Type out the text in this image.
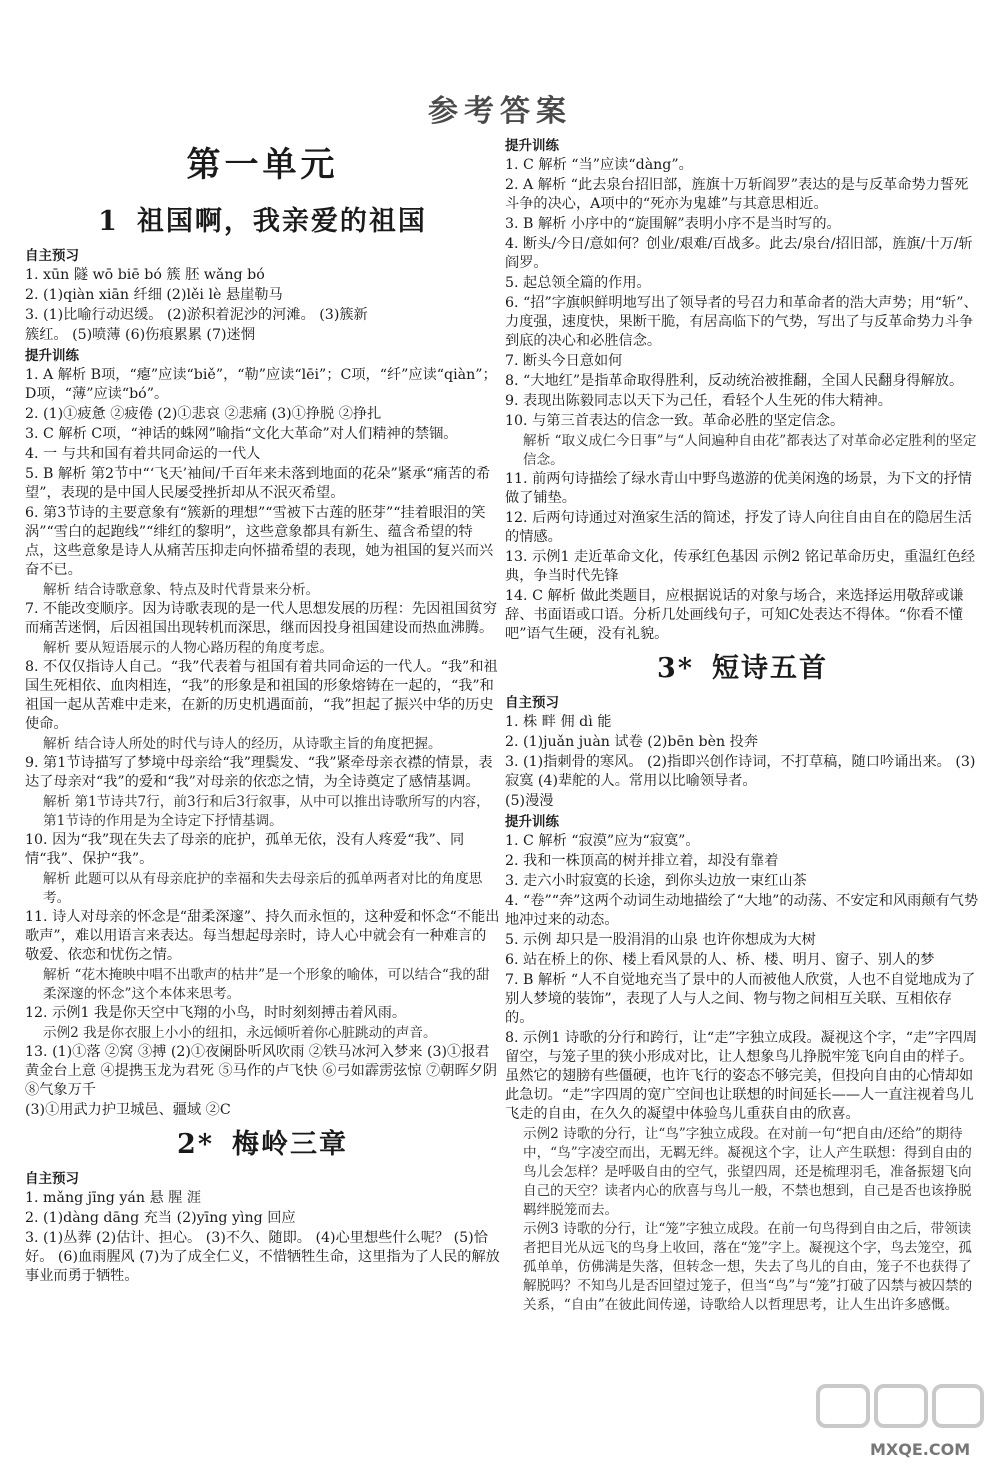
参考答案
第一单元
1 祖国啊，我亲爱的祖国
自主预习
1. xūn 隧 wō biē bó 簇 胚 wǎng bó
2. (1)qiàn xiān 纤细 (2)lěi lè 悬崖勒马
3. (1)比喻行动迟缓。 (2)淤积着泥沙的河滩。 (3)簇新
簇红。 (5)喷薄 (6)伤痕累累 (7)迷惘
提升训练
1. A 解析 B项，“瘪”应读“biě”，“勒”应读“lēi”；C项，“纤”应读“qiàn”；D项，“薄”应读“bó”。
2. (1)①疲惫 ②疲倦 (2)①悲哀 ②悲痛 (3)①挣脱 ②挣扎
3. C 解析 C项，“神话的蛛网”喻指“文化大革命”对人们精神的禁锢。
4. 一 与共和国有着共同命运的一代人
5. B 解析 第2节中“‘飞天’袖间/千百年来未落到地面的花朵”紧承“痛苦的希望”，表现的是中国人民屡受挫折却从不泯灭希望。
6. 第3节诗的主要意象有“簇新的理想”“雪被下古莲的胚芽”“挂着眼泪的笑涡”“雪白的起跑线”“绯红的黎明”，这些意象都具有新生、蕴含希望的特点，这些意象是诗人从痛苦压抑走向怀描希望的表现，她为祖国的复兴而兴奋不已。
解析 结合诗歌意象、特点及时代背景来分析。
7. 不能改变顺序。因为诗歌表现的是一代人思想发展的历程：先因祖国贫穷而痛苦迷惘，后因祖国出现转机而深思，继而因投身祖国建设而热血沸腾。
解析 要从短语展示的人物心路历程的角度考虑。
8. 不仅仅指诗人自己。“我”代表着与祖国有着共同命运的一代人。“我”和祖国生死相依、血肉相连，“我”的形象是和祖国的形象熔铸在一起的，“我”和祖国一起从苦难中走来，在新的历史机遇面前，“我”担起了振兴中华的历史使命。
解析 结合诗人所处的时代与诗人的经历，从诗歌主旨的角度把握。
9. 第1节诗描写了梦境中母亲给“我”理鬓发、“我”紧牵母亲衣襟的情景，表达了母亲对“我”的爱和“我”对母亲的依恋之情，为全诗奠定了感情基调。
解析 第1节诗共7行，前3行和后3行叙事，从中可以推出诗歌所写的内容，第1节诗的作用是为全诗定下抒情基调。
10. 因为“我”现在失去了母亲的庇护，孤单无依，没有人疼爱“我”、同情“我”、保护“我”。
解析 此题可以从有母亲庇护的幸福和失去母亲后的孤单两者对比的角度思考。
11. 诗人对母亲的怀念是“甜柔深邃”、持久而永恒的，这种爱和怀念“不能出歌声”，难以用语言来表达。每当想起母亲时，诗人心中就会有一种难言的敬爱、依恋和忧伤之情。
解析 “花木掩映中唱不出歌声的枯井”是一个形象的喻体，可以结合“我的甜柔深邃的怀念”这个本体来思考。
12. 示例1 我是你天空中飞翔的小鸟，时时刻刻搏击着风雨。
示例2 我是你衣服上小小的纽扣，永远倾听着你心脏跳动的声音。
13. (1)①落 ②窝 ③搏 (2)①夜阑卧听风吹雨 ②铁马冰河入梦来 (3)①报君黄金台上意 ④提携玉龙为君死 ⑤马作的卢飞快 ⑥弓如霹雳弦惊 ⑦朝晖夕阴 ⑧气象万千
(3)①用武力护卫城邑、疆域 ②C
2* 梅岭三章
自主预习
1. mǎng jīng yán 悬 腥 涯
2. (1)dàng dāng 充当 (2)yīng yìng 回应
3. (1)丛葬 (2)估计、担心。 (3)不久、随即。 (4)心里想些什么呢？ (5)恰好。 (6)血雨腥风 (7)为了成全仁义，不惜牺牲生命，这里指为了人民的解放事业而勇于牺牲。
提升训练
1. C 解析 “当”应读“dàng”。
2. A 解析 “此去泉台招旧部，旌旗十万斩阎罗”表达的是与反革命势力誓死斗争的决心，A项中的“死亦为鬼雄”与其意思相近。
3. B 解析 小序中的“旋围解”表明小序不是当时写的。
4. 断头/今日/意如何？创业/艰难/百战多。此去/泉台/招旧部，旌旗/十万/斩阎罗。
5. 起总领全篇的作用。
6. “招”字旗帜鲜明地写出了领导者的号召力和革命者的浩大声势；用“斩”、力度强，速度快，果断干脆，有居高临下的气势，写出了与反革命势力斗争到底的决心和必胜信念。
7. 断头今日意如何
8. “大地红”是指革命取得胜利，反动统治被推翻，全国人民翻身得解放。
9. 表现出陈毅同志以天下为己任，看轻个人生死的伟大精神。
10. 与第三首表达的信念一致。革命必胜的坚定信念。
解析 “取义成仁今日事”与“人间遍种自由花”都表达了对革命必定胜利的坚定信念。
11. 前两句诗描绘了绿水青山中野鸟遨游的优美闲逸的场景，为下文的抒情做了铺垫。
12. 后两句诗通过对渔家生活的简述，抒发了诗人向往自由自在的隐居生活的情感。
13. 示例1 走近革命文化，传承红色基因 示例2 铭记革命历史，重温红色经典，争当时代先锋
14. C 解析 做此类题目，应根据说话的对象与场合，来选择运用敬辞或谦辞、书面语或口语。分析几处画线句子，可知C处表达不得体。“你看不懂吧”语气生硬，没有礼貌。
3* 短诗五首
自主预习
1. 株 畔 佣 dì 能
2. (1)juǎn juàn 试卷 (2)bēn bèn 投奔
3. (1)指刺骨的寒风。 (2)指即兴创作诗词，不打草稿，随口吟诵出来。 (3)寂寞 (4)辈舵的人。常用以比喻领导者。
(5)漫漫
提升训练
1. C 解析 “寂漠”应为“寂寞”。
2. 我和一株顶高的树并排立着，却没有靠着
3. 走六小时寂寞的长途，到你头边放一束红山茶
4. “卷”“奔”这两个动词生动地描绘了“大地”的动荡、不安定和风雨颠有气势地冲过来的动态。
5. 示例 却只是一股涓涓的山泉 也许你想成为大树
6. 站在桥上的你、楼上看风景的人、桥、楼、明月、窗子、别人的梦
7. B 解析 “人不自觉地充当了景中的人而被他人欣赏，人也不自觉地成为了别人梦境的装饰”，表现了人与人之间、物与物之间相互关联、互相依存的。
8. 示例1 诗歌的分行和跨行，让“走”字独立成段。凝视这个字，“走”字四周留空，与笼子里的狭小形成对比，让人想象鸟儿挣脱牢笼飞向自由的样子。虽然它的翅膀有些僵硬，也许飞行的姿态不够完美，但投向自由的心情却如此急切。“走”字四周的宽广空间也让联想的时间延长——人一直注视着鸟儿飞走的自由，在久久的凝望中体验鸟儿重获自由的欣喜。
示例2 诗歌的分行，让“鸟”字独立成段。在对前一句“把自由/还给”的期待中，“鸟”字凌空而出，无羁无绊。凝视这个字，让人产生联想：得到自由的鸟儿会怎样？是呼吸自由的空气，张望四周，还是梳理羽毛，准备振翅飞向自己的天空？读者内心的欣喜与鸟儿一般，不禁也想到，自己是否也该挣脱羁绊脱笼而去。
示例3 诗歌的分行，让“笼”字独立成段。在前一句鸟得到自由之后，带领读者把目光从远飞的鸟身上收回，落在“笼”字上。凝视这个字，鸟去笼空，孤孤单单，仿佛满是失落，但转念一想，失去了鸟儿的自由，笼子不也获得了解脱吗？不知鸟儿是否回望过笼子，但当“鸟”与“笼”打破了囚禁与被囚禁的关系，“自由”在彼此间传递，诗歌给人以哲理思考，让人生出许多感慨。
MXQE.COM
